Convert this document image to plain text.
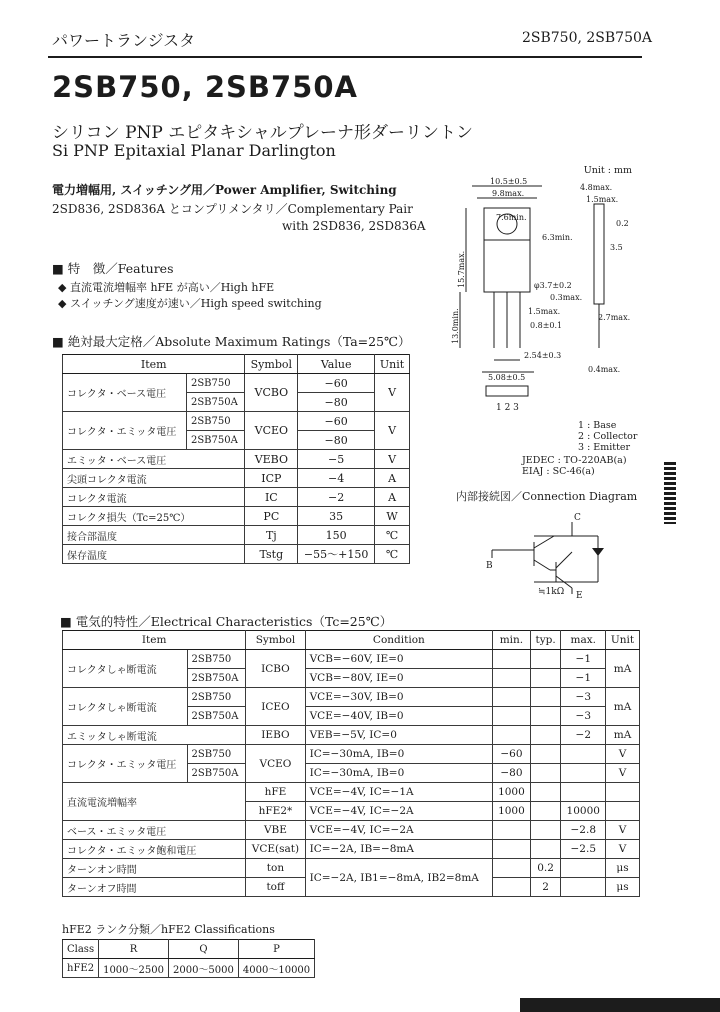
パワートランジスタ	2SB750, 2SB750A
2SB750, 2SB750A
シリコン PNP エピタキシャルプレーナ形ダーリントン
Si PNP Epitaxial Planar Darlington
電力増幅用, スイッチング用／Power Amplifier, Switching
2SD836, 2SD836A とコンプリメンタリ／Complementary Pair
with 2SD836, 2SD836A
■ 特　徴／Features
◆ 直流電流増幅率 hFE が高い／High hFE
◆ スイッチング速度が速い／High speed switching
■ 絶対最大定格／Absolute Maximum Ratings（Ta=25℃）
Item		Symbol	Value	Unit
コレクタ・ベース電圧	2SB750	VCBO	−60	V
	2SB750A		−80	
コレクタ・エミッタ電圧	2SB750	VCEO	−60	V
	2SB750A		−80	
エミッタ・ベース電圧		VEBO	−5	V
尖頭コレクタ電流		ICP	−4	A
コレクタ電流		IC	−2	A
コレクタ損失（Tc=25℃）		PC	35	W
接合部温度		Tj	150	℃
保存温度		Tstg	−55～+150	℃
Unit : mm
10.5±0.5
9.8max.
7.6min.
4.8max.
1.5max.
φ3.7±0.2
0.3max.
1.5max.
0.8±0.1
2.54±0.3
5.08±0.5
2.7max.
0.4max.
6.3min.
3.5
0.2
15.7max.
13.0min.
1 2 3
1 : Base
2 : Collector
3 : Emitter
JEDEC : TO-220AB(a)
EIAJ : SC-46(a)
内部接続図／Connection Diagram
C
B
E
≒1kΩ
■ 電気的特性／Electrical Characteristics（Tc=25℃）
Item		Symbol	Condition	min.	typ.	max.	Unit
コレクタしゃ断電流	2SB750	ICBO	VCB=−60V, IE=0			−1	mA
	2SB750A		VCB=−80V, IE=0			−1	
コレクタしゃ断電流	2SB750	ICEO	VCE=−30V, IB=0			−3	mA
	2SB750A		VCE=−40V, IB=0			−3	
エミッタしゃ断電流		IEBO	VEB=−5V, IC=0			−2	mA
コレクタ・エミッタ電圧	2SB750	VCEO	IC=−30mA, IB=0	−60			V
	2SB750A		IC=−30mA, IB=0	−80			V
直流電流増幅率		hFE	VCE=−4V, IC=−1A	1000			
		hFE2*	VCE=−4V, IC=−2A	1000		10000	
ベース・エミッタ電圧		VBE	VCE=−4V, IC=−2A			−2.8	V
コレクタ・エミッタ飽和電圧		VCE(sat)	IC=−2A, IB=−8mA			−2.5	V
ターンオン時間		ton	IC=−2A, IB1=−8mA, IB2=8mA		0.2		μs
ターンオフ時間		toff			2		μs
hFE2 ランク分類／hFE2 Classifications
Class	R	Q	P
hFE2	1000～2500	2000～5000	4000～10000
